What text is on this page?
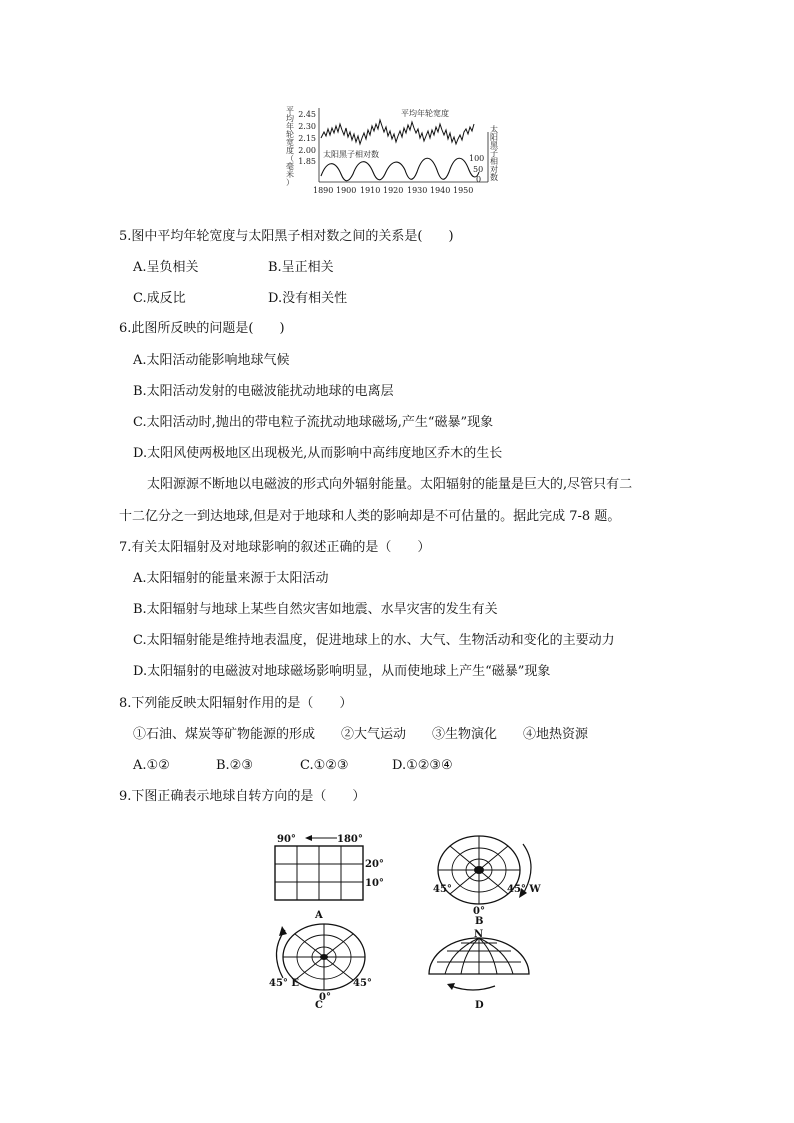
平
均
年
轮
宽
度
（
毫
米
）
2.45
2.30
2.15
2.00
1.85
平均年轮宽度
太阳黑子相对数
太
阳
黑
子
相
对
数
100
50
0
1890 1900 1910 1920 1930 1940 1950
5.图中平均年轮宽度与太阳黑子相对数之间的关系是(　　)
A.呈负相关	B.呈正相关
C.成反比	D.没有相关性
6.此图所反映的问题是(　　)
A.太阳活动能影响地球气候
B.太阳活动发射的电磁波能扰动地球的电离层
C.太阳活动时,抛出的带电粒子流扰动地球磁场,产生“磁暴”现象
D.太阳风使两极地区出现极光,从而影响中高纬度地区乔木的生长
太阳源源不断地以电磁波的形式向外辐射能量。太阳辐射的能量是巨大的,尽管只有二
十二亿分之一到达地球,但是对于地球和人类的影响却是不可估量的。据此完成 7-8 题。
7.有关太阳辐射及对地球影响的叙述正确的是（　　）
A.太阳辐射的能量来源于太阳活动
B.太阳辐射与地球上某些自然灾害如地震、水旱灾害的发生有关
C.太阳辐射能是维持地表温度，促进地球上的水、大气、生物活动和变化的主要动力
D.太阳辐射的电磁波对地球磁场影响明显，从而使地球上产生“磁暴”现象
8.下列能反映太阳辐射作用的是（　　）
①石油、煤炭等矿物能源的形成　　②大气运动　　③生物演化　　④地热资源
A.①②	B.②③	C.①②③	D.①②③④
9.下图正确表示地球自转方向的是（　　）
90°	180°
20°
10°
A
45°
0°
45° W
B
45° E
0°
45°
C
N
D
